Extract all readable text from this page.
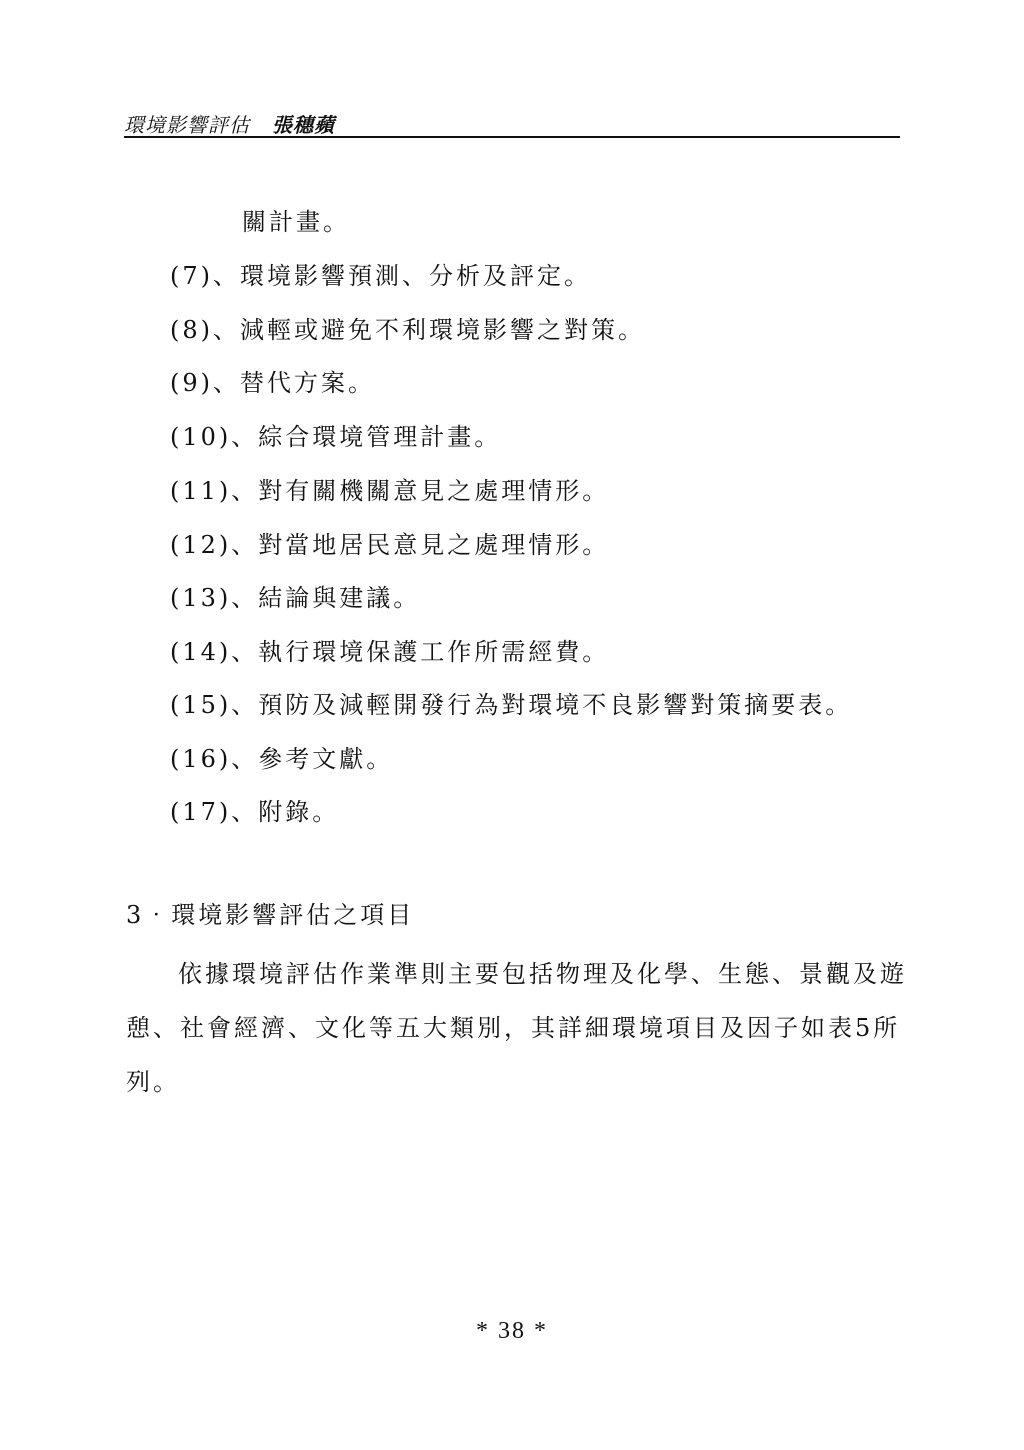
環境影響評估 張穗蘋
關計畫。
(7)、環境影響預測、分析及評定。
(8)、減輕或避免不利環境影響之對策。
(9)、替代方案。
(10)、綜合環境管理計畫。
(11)、對有關機關意見之處理情形。
(12)、對當地居民意見之處理情形。
(13)、結論與建議。
(14)、執行環境保護工作所需經費。
(15)、預防及減輕開發行為對環境不良影響對策摘要表。
(16)、參考文獻。
(17)、附錄。
3‧環境影響評估之項目
依據環境評估作業準則主要包括物理及化學、生態、景觀及遊
憩、社會經濟、文化等五大類別，其詳細環境項目及因子如表5所
列。
* 38 *
